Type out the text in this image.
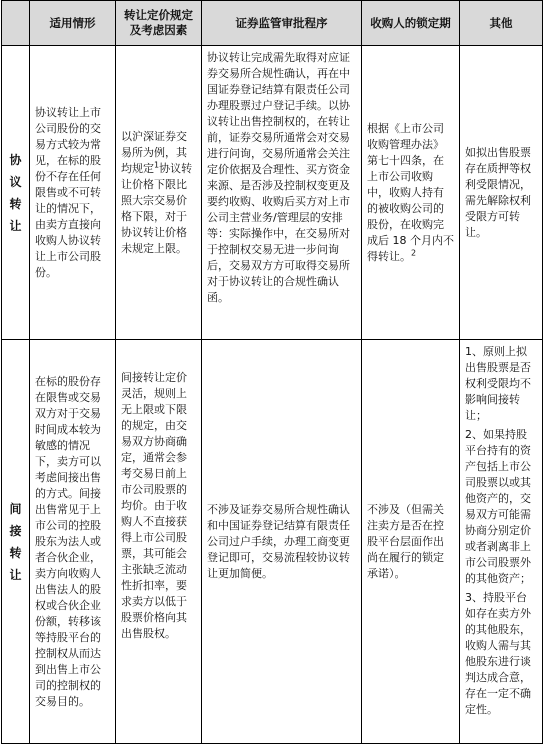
	适用情形	转让定价规定及考虑因素	证券监管审批程序	收购人的锁定期	其他

协
议
转
让	协议转让上市公司股份的交易方式较为常见，在标的股份不存在任何限售或不可转让的情况下，由卖方直接向收购人协议转让上市公司股份。	以沪深证券交易所为例，其均规定$^1$协议转让价格下限比照大宗交易价格下限，对于协议转让价格未规定上限。	协议转让完成需先取得对应证券交易所合规性确认，再在中国证券登记结算有限责任公司办理股票过户登记手续。以协议转让出售控制权的，在转让前，证券交易所通常会对交易进行问询，交易所通常会关注定价依据及合理性、买方资金来源、是否涉及控制权变更及要约收购、收购后买方对上市公司主营业务/管理层的安排等：实际操作中，在交易所对于控制权交易无进一步问询后，交易双方方可取得交易所对于协议转让的合规性确认函。	根据《上市公司收购管理办法》第七十四条，在上市公司收购中，收购人持有的被收购公司的股份，在收购完成后 18 个月内不得转让。$^2$	如拟出售股票存在质押等权利受限情况，需先解除权利受限方可转让。

间
接
转
让	在标的股份存在限售或交易双方对于交易时间成本较为敏感的情况下，卖方可以考虑间接出售的方式。间接出售常见于上市公司的控股股东为法人或者合伙企业，卖方向收购人出售法人的股权或合伙企业份额，转移该等持股平台的控制权从而达到出售上市公司的控制权的交易目的。	间接转让定价灵活，规则上无上限或下限的规定，由交易双方协商确定，通常会参考交易日前上市公司股票的均价。由于收购人不直接获得上市公司股票，其可能会主张缺乏流动性折扣率，要求卖方以低于股票价格向其出售股权。	不涉及证券交易所合规性确认和中国证券登记结算有限责任公司过户手续，办理工商变更登记即可，交易流程较协议转让更加简便。	不涉及（但需关注卖方是否在控股平台层面作出尚在履行的锁定承诺）。	1、原则上拟出售股票是否权利受限均不影响间接转让；
2、如果持股平台持有的资产包括上市公司股票以或其他资产的，交易双方可能需协商分别定价或者剥离非上市公司股票外的其他资产；
3、持股平台如存在卖方外的其他股东，收购人需与其他股东进行谈判达成合意，存在一定不确定性。
